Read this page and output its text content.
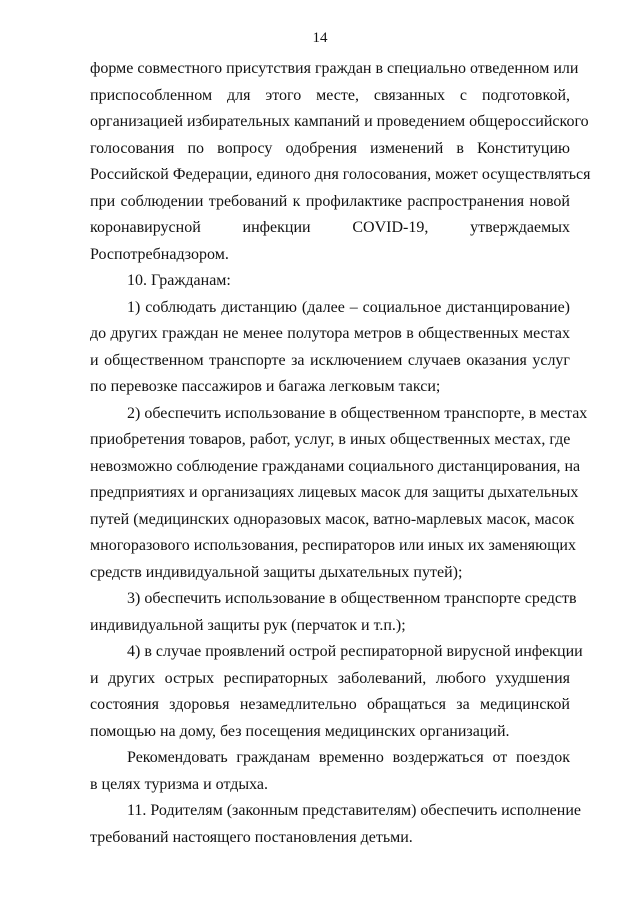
14
форме совместного присутствия граждан в специально отведенном или
приспособленном для этого месте, связанных с подготовкой,
организацией избирательных кампаний и проведением общероссийского
голосования по вопросу одобрения изменений в Конституцию
Российской Федерации, единого дня голосования, может осуществляться
при соблюдении требований к профилактике распространения новой
коронавирусной инфекции COVID-19, утверждаемых
Роспотребнадзором.
10. Гражданам:
1) соблюдать дистанцию (далее – социальное дистанцирование)
до других граждан не менее полутора метров в общественных местах
и общественном транспорте за исключением случаев оказания услуг
по перевозке пассажиров и багажа легковым такси;
2) обеспечить использование в общественном транспорте, в местах
приобретения товаров, работ, услуг, в иных общественных местах, где
невозможно соблюдение гражданами социального дистанцирования, на
предприятиях и организациях лицевых масок для защиты дыхательных
путей (медицинских одноразовых масок, ватно-марлевых масок, масок
многоразового использования, респираторов или иных их заменяющих
средств индивидуальной защиты дыхательных путей);
3) обеспечить использование в общественном транспорте средств
индивидуальной защиты рук (перчаток и т.п.);
4) в случае проявлений острой респираторной вирусной инфекции
и других острых респираторных заболеваний, любого ухудшения
состояния здоровья незамедлительно обращаться за медицинской
помощью на дому, без посещения медицинских организаций.
Рекомендовать гражданам временно воздержаться от поездок
в целях туризма и отдыха.
11. Родителям (законным представителям) обеспечить исполнение
требований настоящего постановления детьми.
